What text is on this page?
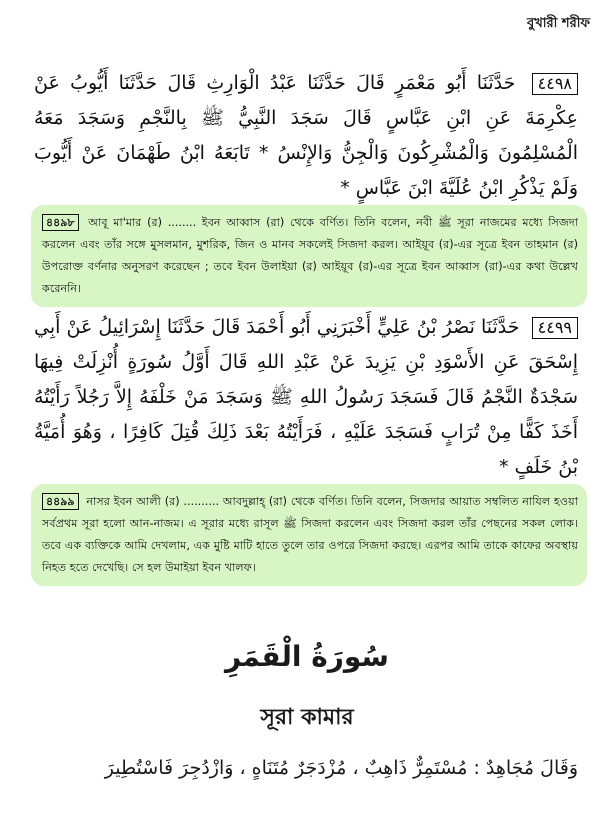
বুখারী শরীফ
٤٤٩٨ حَدَّثَنَا أَبُو مَعْمَرٍ قَالَ حَدَّثَنَا عَبْدُ الْوَارِثِ قَالَ حَدَّثَنَا أَيُّوبُ عَنْ عِكْرِمَةَ عَنِ ابْنِ عَبَّاسٍ قَالَ سَجَدَ النَّبِيُّ ﷺ بِالنَّجْمِ وَسَجَدَ مَعَهُ الْمُسْلِمُونَ وَالْمُشْرِكُونَ وَالْجِنُّ وَالإِنْسُ * تَابَعَهُ ابْنُ طَهْمَانَ عَنْ أَيُّوبَ وَلَمْ يَذْكُرِ ابْنُ عُلَيَّةَ ابْنَ عَبَّاسٍ *
৪৪৯৮ আবূ মা'মার (র) ........ ইবন আব্বাস (রা) থেকে বর্ণিত। তিনি বলেন, নবী ﷺ সূরা নাজমের মধ্যে সিজদা করলেন এবং তাঁর সঙ্গে মুসলমান, মুশরিক, জিন ও মানব সকলেই সিজদা করল। আইয়ূব (র)-এর সূত্রে ইবন তাহমান (র) উপরোক্ত বর্ণনার অনুসরণ করেছেন ; তবে ইবন উলাইয়া (র) আইয়ূব (র)-এর সূত্রে ইবন আব্বাস (রা)-এর কথা উল্লেখ করেননি।
٤٤٩٩ حَدَّثَنَا نَصْرُ بْنُ عَلِيٍّ أَخْبَرَنِي أَبُو أَحْمَدَ قَالَ حَدَّثَنَا إِسْرَائِيلُ عَنْ أَبِي إِسْحَقَ عَنِ الأَسْوَدِ بْنِ يَزِيدَ عَنْ عَبْدِ اللهِ قَالَ أَوَّلُ سُورَةٍ أُنْزِلَتْ فِيهَا سَجْدَةٌ النَّجْمُ قَالَ فَسَجَدَ رَسُولُ اللهِ ﷺ وَسَجَدَ مَنْ خَلْفَهُ إِلاَّ رَجُلاً رَأَيْتُهُ أَخَذَ كَفًّا مِنْ تُرَابٍ فَسَجَدَ عَلَيْهِ ، فَرَأَيْتُهُ بَعْدَ ذَلِكَ قُتِلَ كَافِرًا ، وَهُوَ أُمَيَّةُ بْنُ خَلَفٍ *
৪৪৯৯ নাসর ইবন আলী (র) .......... আবদুল্লাহ্ (রা) থেকে বর্ণিত। তিনি বলেন, সিজদার আয়াত সম্বলিত নাযিল হওয়া সর্বপ্রথম সূরা হলো আন-নাজম। এ সূরার মধ্যে রাসূল ﷺ সিজদা করলেন এবং সিজদা করল তাঁর পেছনের সকল লোক। তবে এক ব্যক্তিকে আমি দেখলাম, এক মুষ্টি মাটি হাতে তুলে তার ওপরে সিজদা করছে। এরপর আমি তাকে কাফের অবস্থায় নিহত হতে দেখেছি। সে হল উমাইয়া ইবন খালফ।
سُورَةُ الْقَمَرِ
সূরা কামার
وَقَالَ مُجَاهِدٌ : مُسْتَمِرٌّ ذَاهِبٌ ، مُزْدَجَرٌ مُتَنَاهٍ ، وَازْدُجِرَ فَاسْتُطِيرَ
